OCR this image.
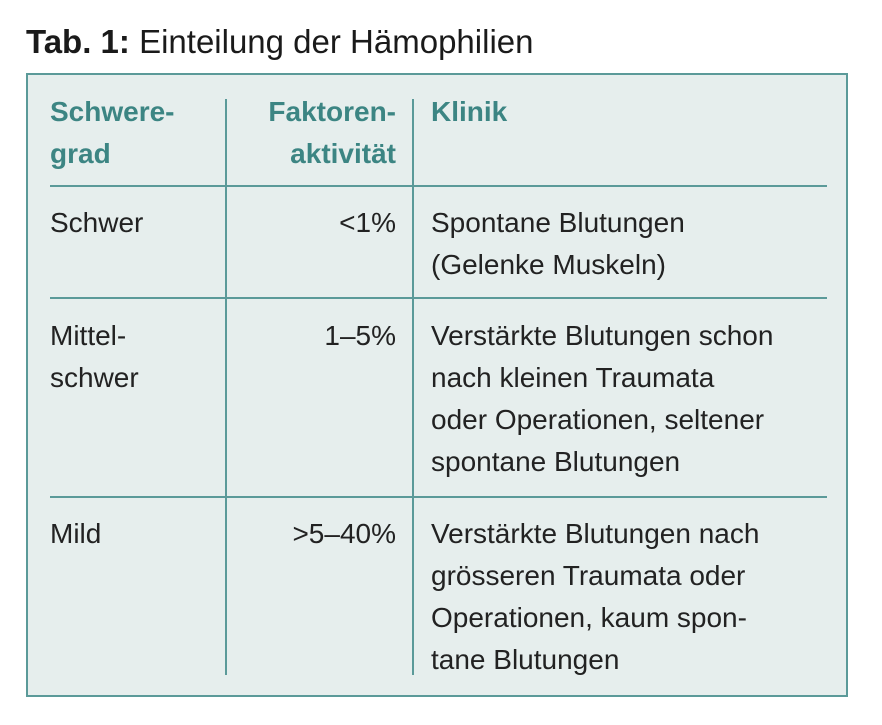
Tab. 1: Einteilung der Hämophilien
Schwere-
grad
Faktoren-
aktivität
Klinik
Schwer	<1% Spontane Blutungen
(Gelenke Muskeln)
Mittel-
schwer
1–5% Verstärkte Blutungen schon
nach kleinen Traumata
oder Operationen, seltener
spontane Blutungen
Mild	>5–40% Verstärkte Blutungen nach
grösseren Traumata oder
Operationen, kaum spon-
tane Blutungen
